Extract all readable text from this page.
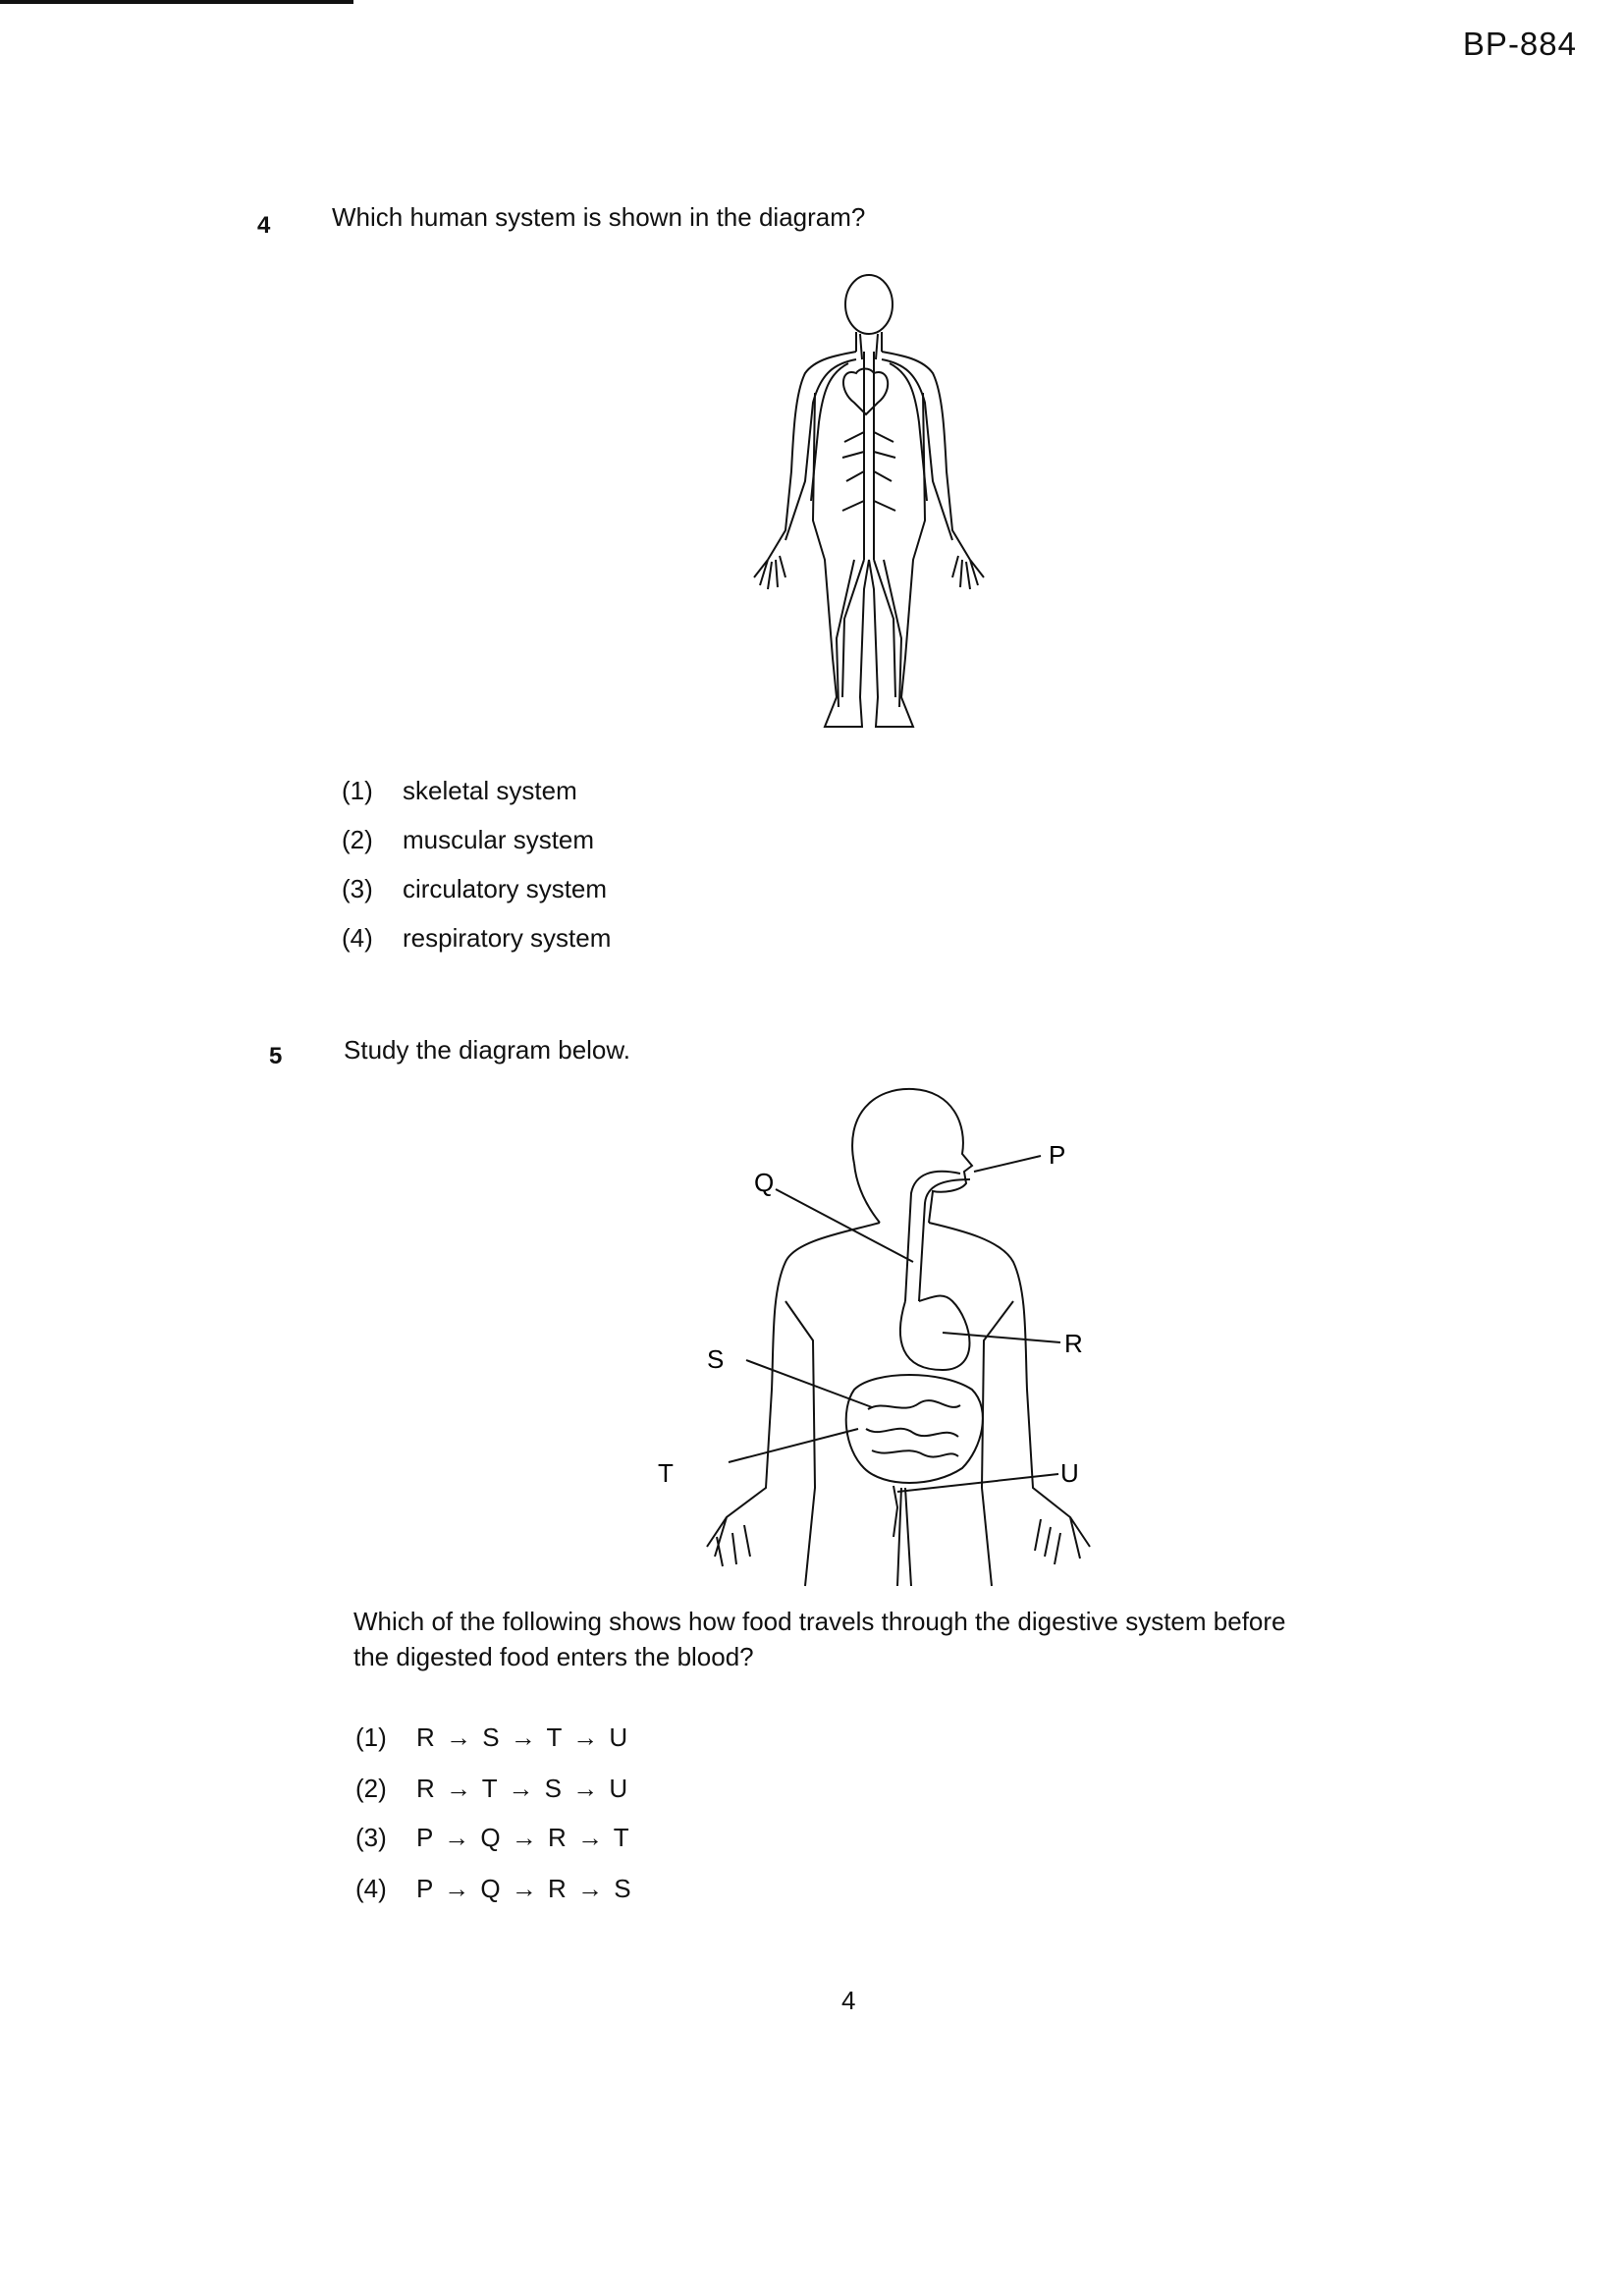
BP-884
4 Which human system is shown in the diagram?
(1) skeletal system
(2) muscular system
(3) circulatory system
(4) respiratory system
5 Study the diagram below.
P
Q
R
S
T	U
Which of the following shows how food travels through the digestive system before
the digested food enters the blood?
(1) R → S → T → U
(2) R → T → S → U
(3) P → Q → R → T
(4) P → Q → R → S
4
